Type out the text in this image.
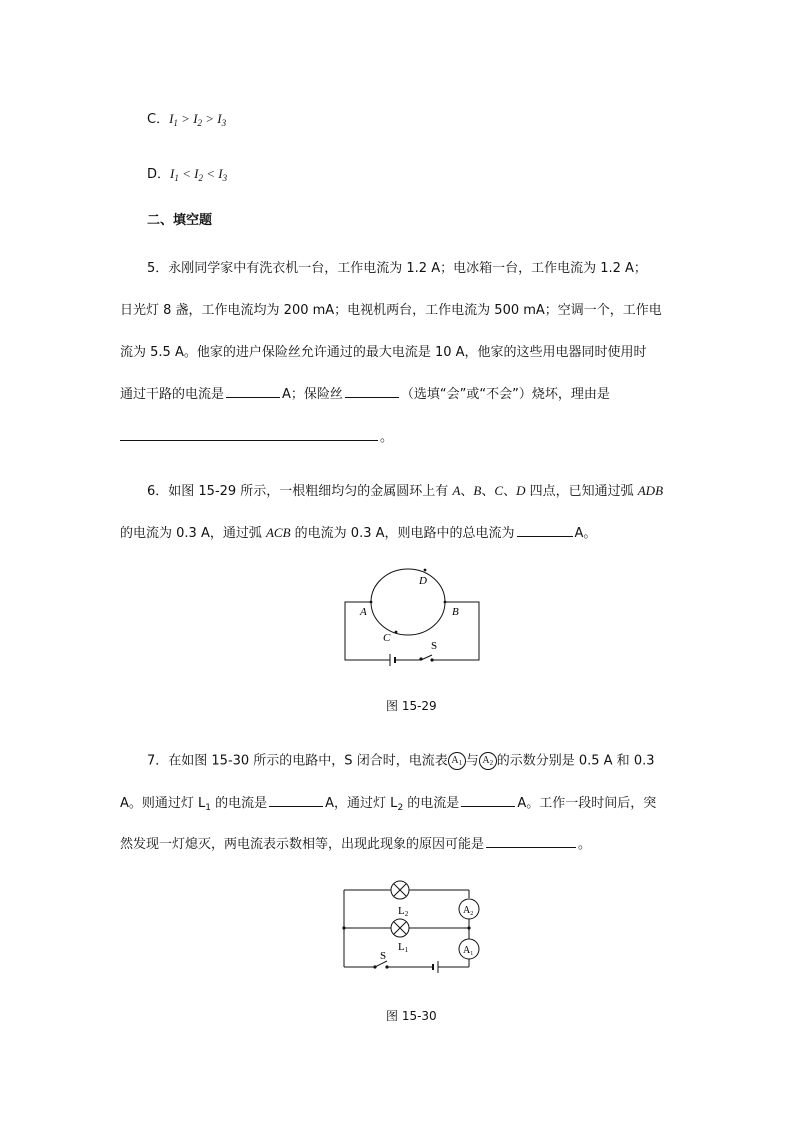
C．$I_1 > I_2 > I_3$
D．$I_1 < I_2 < I_3$
二、填空题
5．永刚同学家中有洗衣机一台，工作电流为 1.2 A；电冰箱一台，工作电流为 1.2 A；
日光灯 8 盏，工作电流均为 200 mA；电视机两台，工作电流为 500 mA；空调一个，工作电
流为 5.5 A。他家的进户保险丝允许通过的最大电流是 10 A，他家的这些用电器同时使用时
通过干路的电流是	A；保险丝	（选填“会”或“不会”）烧坏，理由是
。
6．如图 15-29 所示，一根粗细均匀的金属圆环上有 A、B、C、D 四点，已知通过弧 ADB
的电流为 0.3 A，通过弧 ACB 的电流为 0.3 A，则电路中的总电流为	A。
A	B
C
D
S
图 15-29
7．在如图 15-30 所示的电路中，S 闭合时，电流表 $A_1$ 与 $A_2$ 的示数分别是 0.5 A 和 0.3
A。则通过灯 $L_1$ 的电流是	A，通过灯 $L_2$ 的电流是	A。工作一段时间后，突
然发现一灯熄灭，两电流表示数相等，出现此现象的原因可能是	。
L2
L1
$A_2$
$A_1$
S
图 15-30
